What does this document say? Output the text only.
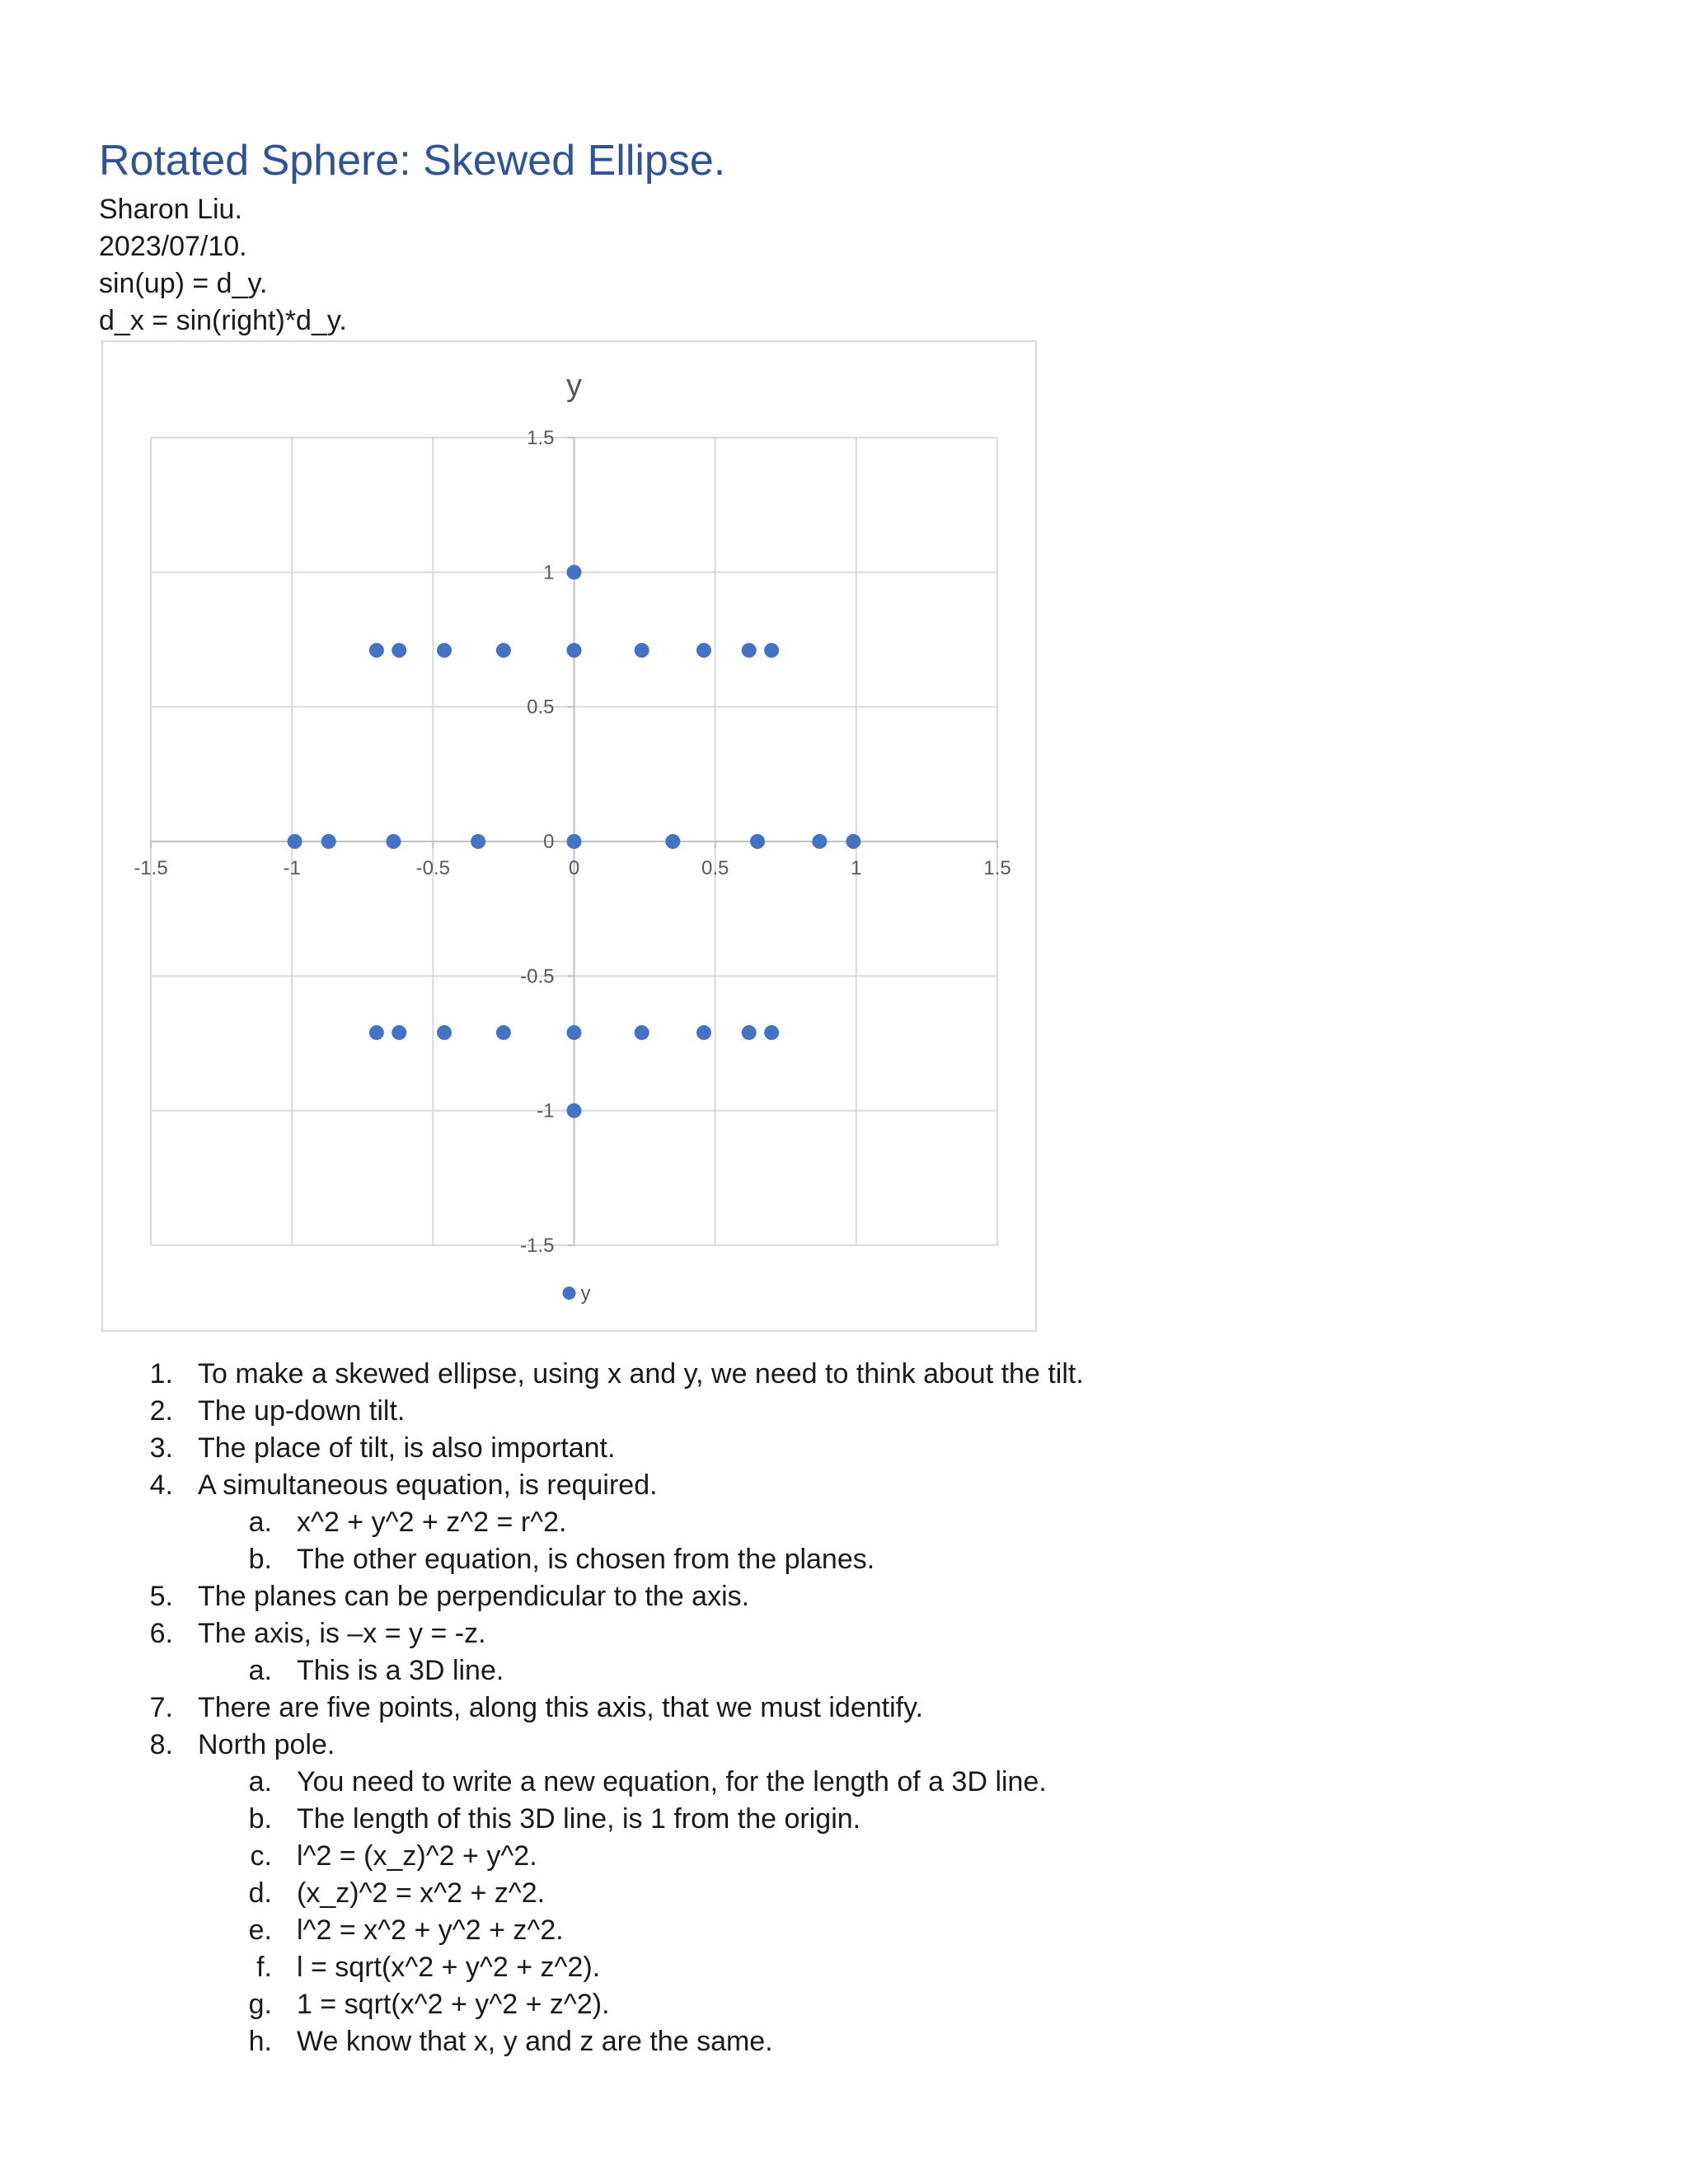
Rotated Sphere: Skewed Ellipse.
Sharon Liu.
2023/07/10.
sin(up) = d_y.
d_x = sin(right)*d_y.
-1.5	-1	-0.5	0	0.5	1	1.5
1.5
1
0.5
0
-0.5
-1
-1.5
y
y
1. To make a skewed ellipse, using x and y, we need to think about the tilt.
2. The up-down tilt.
3. The place of tilt, is also important.
4. A simultaneous equation, is required.
a. x^2 + y^2 + z^2 = r^2.
b. The other equation, is chosen from the planes.
5. The planes can be perpendicular to the axis.
6. The axis, is –x = y = -z.
a. This is a 3D line.
7. There are five points, along this axis, that we must identify.
8. North pole.
a. You need to write a new equation, for the length of a 3D line.
b. The length of this 3D line, is 1 from the origin.
c. l^2 = (x_z)^2 + y^2.
d. (x_z)^2 = x^2 + z^2.
e. l^2 = x^2 + y^2 + z^2.
f. l = sqrt(x^2 + y^2 + z^2).
g. 1 = sqrt(x^2 + y^2 + z^2).
h. We know that x, y and z are the same.
